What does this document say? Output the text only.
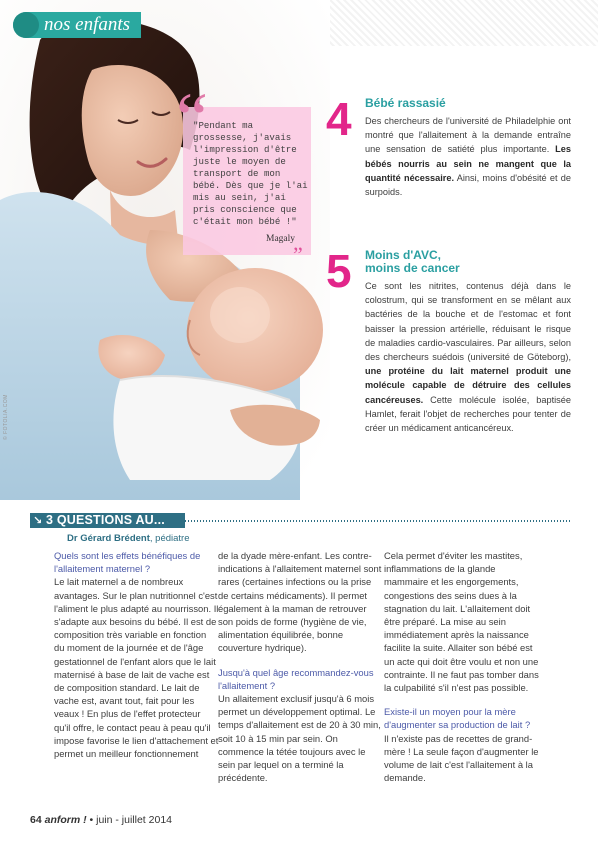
© FOTOLIA.COM
nos enfants
“
"Pendant ma grossesse, j'avais l'impression d'être juste le moyen de transport de mon bébé. Dès que je l'ai mis au sein, j'ai pris conscience que c'était mon bébé !"
Magaly
”
4 Bébé rassasié
Des chercheurs de l'université de Philadelphie ont montré que l'allaitement à la demande entraîne une sensation de satiété plus importante. Les bébés nourris au sein ne mangent que la quantité nécessaire. Ainsi, moins d'obésité et de surpoids.
5 Moins d'AVC,
moins de cancer
Ce sont les nitrites, contenus déjà dans le colostrum, qui se transforment en se mêlant aux bactéries de la bouche et de l'estomac et font baisser la pression artérielle, réduisant le risque de maladies cardio-vasculaires. Par ailleurs, selon des chercheurs suédois (université de Göteborg), une protéine du lait maternel produit une molécule capable de détruire des cellules cancéreuses. Cette molécule isolée, baptisée Hamlet, ferait l'objet de recherches pour tenter de créer un médicament anticancéreux.
↘ 3 QUESTIONS AU...
Dr Gérard Brédent, pédiatre

Quels sont les effets bénéfiques de l'allaitement maternel ?

Le lait maternel a de nombreux avantages. Sur le plan nutritionnel c'est l'aliment le plus adapté au nourrisson. Il s'adapte aux besoins du bébé. Il est de composition très variable en fonction du moment de la journée et de l'âge gestationnel de l'enfant alors que le lait maternisé à base de lait de vache est de composition standard. Le lait de vache est, avant tout, fait pour les veaux ! En plus de l'effet protecteur qu'il offre, le contact peau à peau qu'il impose favorise le lien d'attachement et permet un meilleur fonctionnement

de la dyade mère-enfant. Les contre-indications à l'allaitement maternel sont rares (certaines infections ou la prise de certains médicaments). Il permet également à la maman de retrouver son poids de forme (hygiène de vie, alimentation équilibrée, bonne couverture hydrique).

Jusqu'à quel âge recommandez-vous l'allaitement ?

Un allaitement exclusif jusqu'à 6 mois permet un développement optimal. Le temps d'allaitement est de 20 à 30 min, soit 10 à 15 min par sein. On commence la tétée toujours avec le sein par lequel on a terminé la précédente.

Cela permet d'éviter les mastites, inflammations de la glande mammaire et les engorgements, congestions des seins dues à la stagnation du lait. L'allaitement doit être préparé. La mise au sein immédiatement après la naissance facilite la suite. Allaiter son bébé est un acte qui doit être voulu et non une contrainte. Il ne faut pas tomber dans la culpabilité s'il n'est pas possible.

Existe-il un moyen pour la mère d'augmenter sa production de lait ?

Il n'existe pas de recettes de grand-mère ! La seule façon d'augmenter le volume de lait c'est l'allaitement à la demande.

64 anform ! • juin - juillet 2014
